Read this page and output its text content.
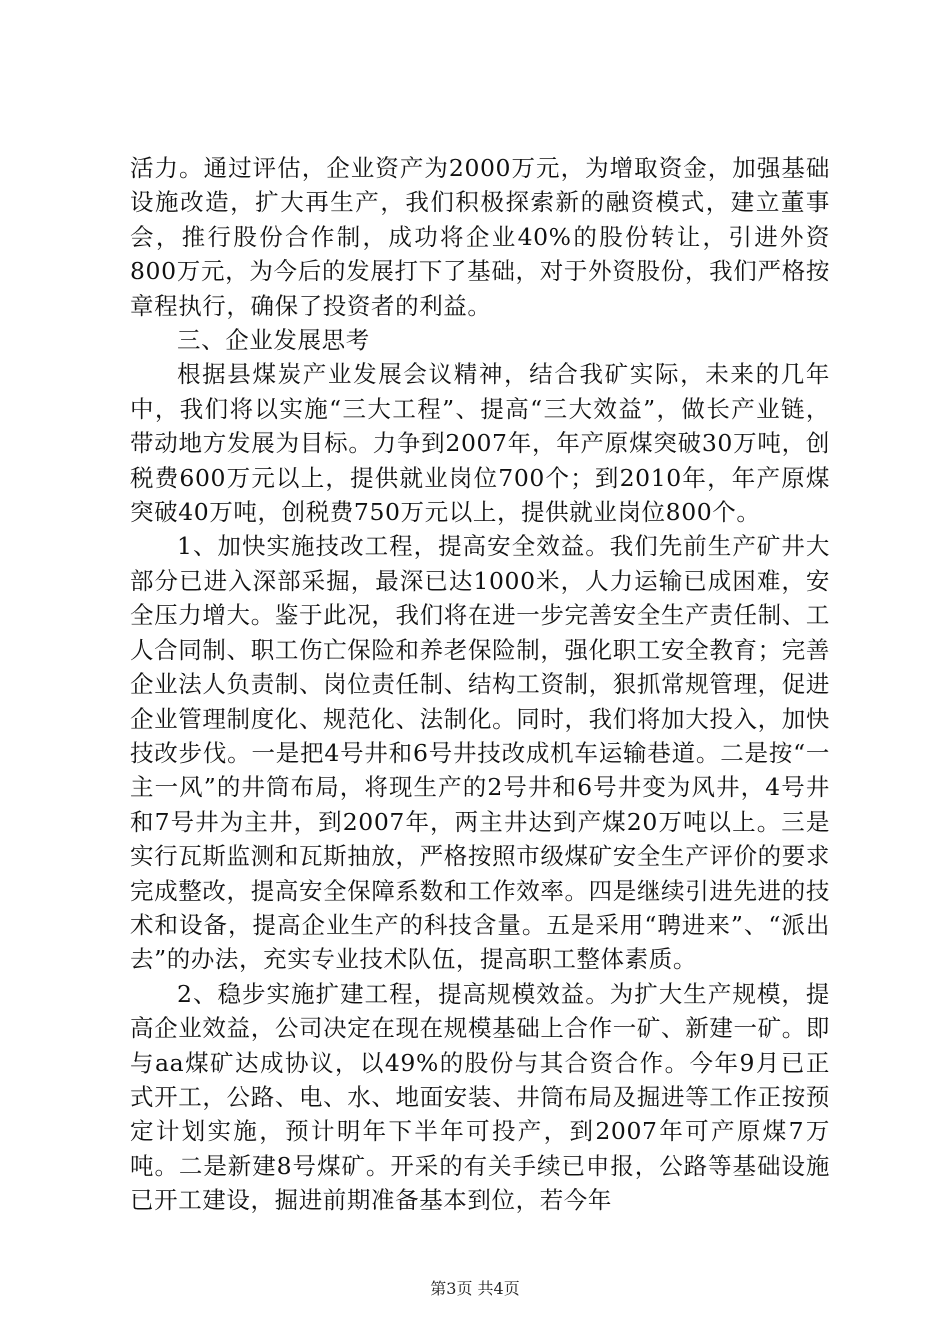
活力。通过评估，企业资产为2000万元，为增取资金，加强基础设施改造，扩大再生产，我们积极探索新的融资模式，建立董事会，推行股份合作制，成功将企业40%的股份转让，引进外资800万元，为今后的发展打下了基础，对于外资股份，我们严格按章程执行，确保了投资者的利益。

三、企业发展思考

根据县煤炭产业发展会议精神，结合我矿实际，未来的几年中，我们将以实施“三大工程”、提高“三大效益”，做长产业链，带动地方发展为目标。力争到2007年，年产原煤突破30万吨，创税费600万元以上，提供就业岗位700个；到2010年，年产原煤突破40万吨，创税费750万元以上，提供就业岗位800个。

1、加快实施技改工程，提高安全效益。我们先前生产矿井大部分已进入深部采掘，最深已达1000米，人力运输已成困难，安全压力增大。鉴于此况，我们将在进一步完善安全生产责任制、工人合同制、职工伤亡保险和养老保险制，强化职工安全教育；完善企业法人负责制、岗位责任制、结构工资制，狠抓常规管理，促进企业管理制度化、规范化、法制化。同时，我们将加大投入，加快技改步伐。一是把4号井和6号井技改成机车运输巷道。二是按“一主一风”的井筒布局，将现生产的2号井和6号井变为风井，4号井和7号井为主井，到2007年，两主井达到产煤20万吨以上。三是实行瓦斯监测和瓦斯抽放，严格按照市级煤矿安全生产评价的要求完成整改，提高安全保障系数和工作效率。四是继续引进先进的技术和设备，提高企业生产的科技含量。五是采用“聘进来”、“派出去”的办法，充实专业技术队伍，提高职工整体素质。

2、稳步实施扩建工程，提高规模效益。为扩大生产规模，提高企业效益，公司决定在现在规模基础上合作一矿、新建一矿。即与aa煤矿达成协议，以49%的股份与其合资合作。今年9月已正式开工，公路、电、水、地面安装、井筒布局及掘进等工作正按预定计划实施，预计明年下半年可投产，到2007年可产原煤7万吨。二是新建8号煤矿。开采的有关手续已申报，公路等基础设施已开工建设，掘进前期准备基本到位，若今年

第3页 共4页
